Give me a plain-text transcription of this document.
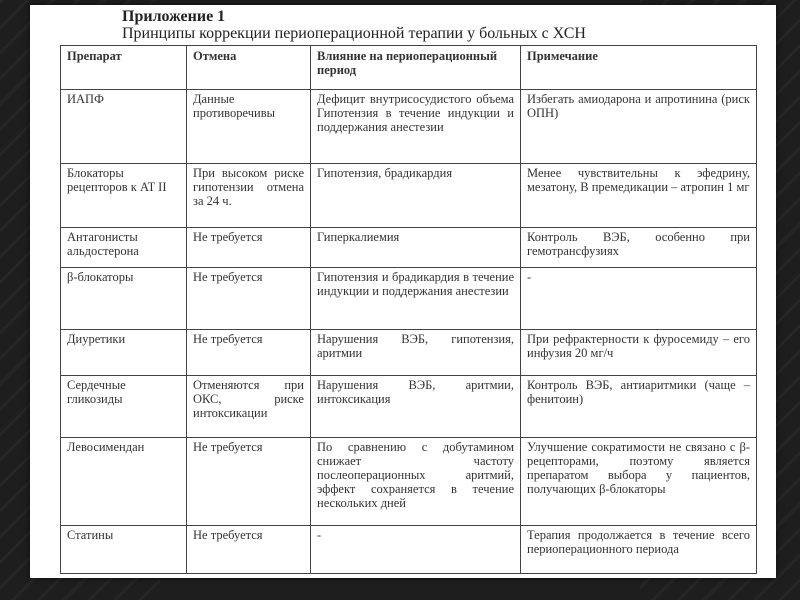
Приложение 1
Принципы коррекции периоперационной терапии у больных с ХСН
Препарат	Отмена	Влияние на периоперационный период	Примечание
ИАПФ	Данные противоречивы	Дефицит внутрисосудистого объема Гипотензия в течение индукции и поддержания анестезии	Избегать амиодарона и апротинина (риск ОПН)
Блокаторы рецепторов к AT II	При высоком риске гипотензии отмена за 24 ч.	Гипотензия, брадикардия	Менее чувствительны к эфедрину, мезатону, В премедикации – атропин 1 мг
Антагонисты альдостерона	Не требуется	Гиперкалиемия	Контроль ВЭБ, особенно при гемотрансфузиях
β-блокаторы	Не требуется	Гипотензия и брадикардия в течение индукции и поддержания анестезии	-
Диуретики	Не требуется	Нарушения ВЭБ, гипотензия, аритмии	При рефрактерности к фуросемиду – его инфузия 20 мг/ч
Сердечные гликозиды	Отменяются при ОКС, риске интоксикации	Нарушения ВЭБ, аритмии, интоксикация	Контроль ВЭБ, антиаритмики (чаще – фенитоин)
Левосимендан	Не требуется	По сравнению с добутамином снижает частоту послеоперационных аритмий, эффект сохраняется в течение нескольких дней	Улучшение сократимости не связано с β-рецепторами, поэтому является препаратом выбора у пациентов, получающих β-блокаторы
Статины	Не требуется	-	Терапия продолжается в течение всего периоперационного периода
